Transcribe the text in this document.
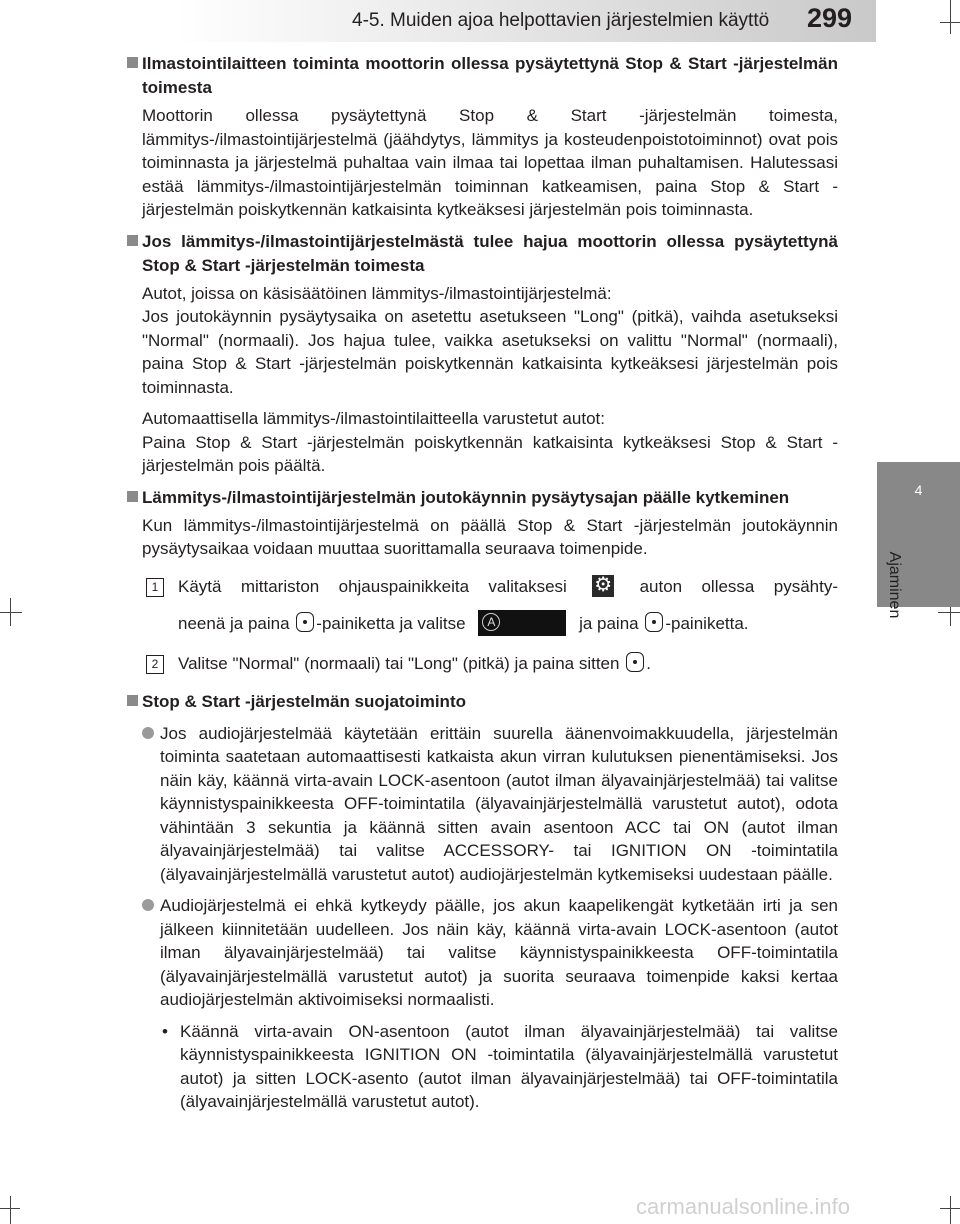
4-5. Muiden ajoa helpottavien järjestelmien käyttö 299
4
Ajaminen
Ilmastointilaitteen toiminta moottorin ollessa pysäytettynä Stop & Start -järjestelmän toimesta

Moottorin ollessa pysäytettynä Stop & Start -järjestelmän toimesta, lämmitys-/ilmastointijärjestelmä (jäähdytys, lämmitys ja kosteudenpoistotoiminnot) ovat pois toiminnasta ja järjestelmä puhaltaa vain ilmaa tai lopettaa ilman puhaltamisen. Halutessasi estää lämmitys-/ilmastointijärjestelmän toiminnan katkeamisen, paina Stop & Start -järjestelmän poiskytkennän katkaisinta kytkeäksesi järjestelmän pois toiminnasta.

Jos lämmitys-/ilmastointijärjestelmästä tulee hajua moottorin ollessa pysäytettynä Stop & Start -järjestelmän toimesta

Autot, joissa on käsisäätöinen lämmitys-/ilmastointijärjestelmä:

Jos joutokäynnin pysäytysaika on asetettu asetukseen "Long" (pitkä), vaihda asetukseksi "Normal" (normaali). Jos hajua tulee, vaikka asetukseksi on valittu "Normal" (normaali), paina Stop & Start -järjestelmän poiskytkennän katkaisinta kytkeäksesi järjestelmän pois toiminnasta.

Automaattisella lämmitys-/ilmastointilaitteella varustetut autot:

Paina Stop & Start -järjestelmän poiskytkennän katkaisinta kytkeäksesi Stop & Start -järjestelmän pois päältä.

Lämmitys-/ilmastointijärjestelmän joutokäynnin pysäytysajan päälle kytkeminen

Kun lämmitys-/ilmastointijärjestelmä on päällä Stop & Start -järjestelmän joutokäynnin pysäytysaikaa voidaan muuttaa suorittamalla seuraava toimenpide.

1	Käytä mittariston ohjauspainikkeita valitaksesi ⚙	auton ollessa pysähty-
neenä ja paina -painiketta ja valitse A	ja paina -painiketta.
2	Valitse "Normal" (normaali) tai "Long" (pitkä) ja paina sitten .
Stop & Start -järjestelmän suojatoiminto
Jos audiojärjestelmää käytetään erittäin suurella äänenvoimakkuudella, järjestelmän toiminta saatetaan automaattisesti katkaista akun virran kulutuksen pienentämiseksi. Jos näin käy, käännä virta-avain LOCK-asentoon (autot ilman älyavainjärjestelmää) tai valitse käynnistyspainikkeesta OFF-toimintatila (älyavainjärjestelmällä varustetut autot), odota vähintään 3 sekuntia ja käännä sitten avain asentoon ACC tai ON (autot ilman älyavainjärjestelmää) tai valitse ACCESSORY- tai IGNITION ON -toimintatila (älyavainjärjestelmällä varustetut autot) audiojärjestelmän kytkemiseksi uudestaan päälle.
Audiojärjestelmä ei ehkä kytkeydy päälle, jos akun kaapelikengät kytketään irti ja sen jälkeen kiinnitetään uudelleen. Jos näin käy, käännä virta-avain LOCK-asentoon (autot ilman älyavainjärjestelmää) tai valitse käynnistyspainikkeesta OFF-toimintatila (älyavainjärjestelmällä varustetut autot) ja suorita seuraava toimenpide kaksi kertaa audiojärjestelmän aktivoimiseksi normaalisti.
• Käännä virta-avain ON-asentoon (autot ilman älyavainjärjestelmää) tai valitse käynnistyspainikkeesta IGNITION ON -toimintatila (älyavainjärjestelmällä varustetut autot) ja sitten LOCK-asento (autot ilman älyavainjärjestelmää) tai OFF-toimintatila (älyavainjärjestelmällä varustetut autot).
carmanualsonline.info
